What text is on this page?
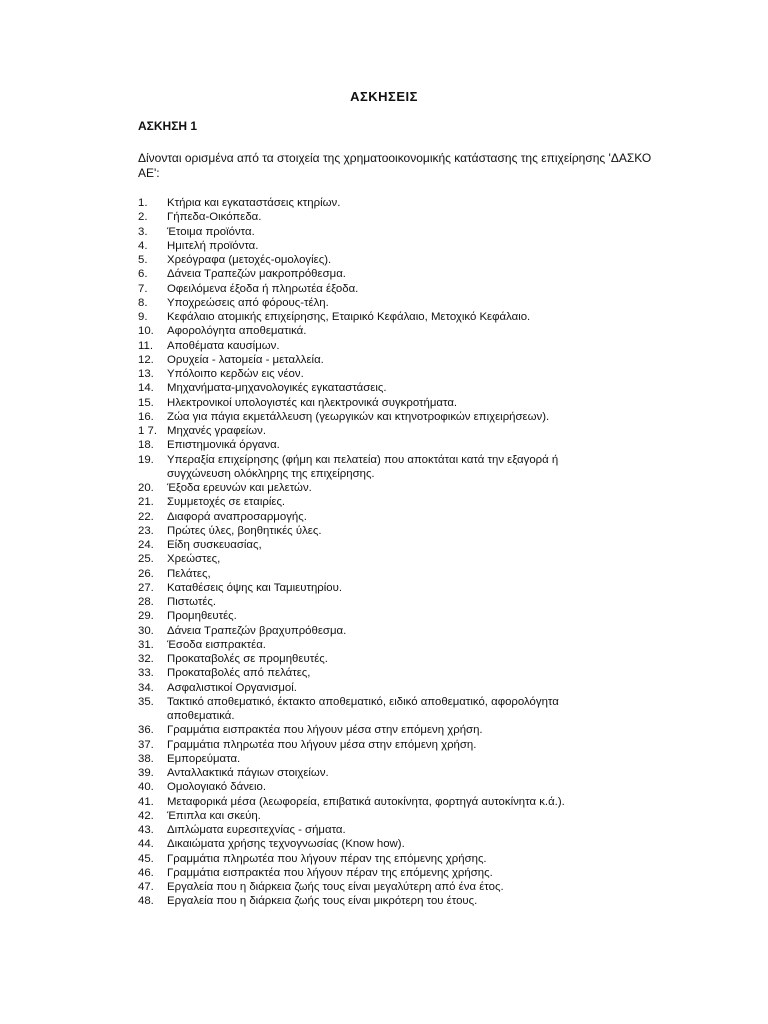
ΑΣΚΗΣΕΙΣ
ΑΣΚΗΣΗ 1
Δίνονται ορισμένα από τα στοιχεία της χρηματοοικονομικής κατάστασης της επιχείρησης 'ΔΑΣΚΟ ΑΕ':
1.	Κτήρια και εγκαταστάσεις κτηρίων.
2.	Γήπεδα-Οικόπεδα.
3.	Έτοιμα προϊόντα.
4.	Ημιτελή προϊόντα.
5.	Χρεόγραφα (μετοχές-ομολογίες).
6.	Δάνεια Τραπεζών μακροπρόθεσμα.
7.	Οφειλόμενα έξοδα ή πληρωτέα έξοδα.
8.	Υποχρεώσεις από φόρους-τέλη.
9.	Κεφάλαιο ατομικής επιχείρησης, Εταιρικό Κεφάλαιο, Μετοχικό Κεφάλαιο.
10.	Αφορολόγητα αποθεματικά.
11.	Αποθέματα καυσίμων.
12.	Ορυχεία - λατομεία - μεταλλεία.
13.	Υπόλοιπο κερδών εις νέον.
14.	Μηχανήματα-μηχανολογικές εγκαταστάσεις.
15.	Ηλεκτρονικοί υπολογιστές και ηλεκτρονικά συγκροτήματα.
16.	Ζώα για πάγια εκμετάλλευση (γεωργικών και κτηνοτροφικών επιχειρήσεων).
1 7. Μηχανές γραφείων.
18.	Επιστημονικά όργανα.
19.	Υπεραξία επιχείρησης (φήμη και πελατεία) που αποκτάται κατά την εξαγορά ή συγχώνευση ολόκληρης της επιχείρησης.
20.	Έξοδα ερευνών και μελετών.
21.	Συμμετοχές σε εταιρίες.
22.	Διαφορά αναπροσαρμογής.
23.	Πρώτες ύλες, βοηθητικές ύλες.
24.	Είδη συσκευασίας,
25.	Χρεώστες,
26.	Πελάτες,
27.	Καταθέσεις όψης και Ταμιευτηρίου.
28.	Πιστωτές.
29.	Προμηθευτές.
30.	Δάνεια Τραπεζών βραχυπρόθεσμα.
31.	Έσοδα εισπρακτέα.
32.	Προκαταβολές σε προμηθευτές.
33.	Προκαταβολές από πελάτες,
34.	Ασφαλιστικοί Οργανισμοί.
35.	Τακτικό αποθεματικό, έκτακτο αποθεματικό, ειδικό αποθεματικό, αφορολόγητα αποθεματικά.
36.	Γραμμάτια εισπρακτέα που λήγουν μέσα στην επόμενη χρήση.
37.	Γραμμάτια πληρωτέα που λήγουν μέσα στην επόμενη χρήση.
38.	Εμπορεύματα.
39.	Ανταλλακτικά πάγιων στοιχείων.
40.	Ομολογιακό δάνειο.
41.	Μεταφορικά μέσα (λεωφορεία, επιβατικά αυτοκίνητα, φορτηγά αυτοκίνητα κ.ά.).
42.	Έπιπλα και σκεύη.
43.	Διπλώματα ευρεσιτεχνίας - σήματα.
44.	Δικαιώματα χρήσης τεχνογνωσίας (Know how).
45.	Γραμμάτια πληρωτέα που λήγουν πέραν της επόμενης χρήσης.
46.	Γραμμάτια εισπρακτέα που λήγουν πέραν της επόμενης χρήσης.
47.	Εργαλεία που η διάρκεια ζωής τους είναι μεγαλύτερη από ένα έτος.
48.	Εργαλεία που η διάρκεια ζωής τους είναι μικρότερη του έτους.
